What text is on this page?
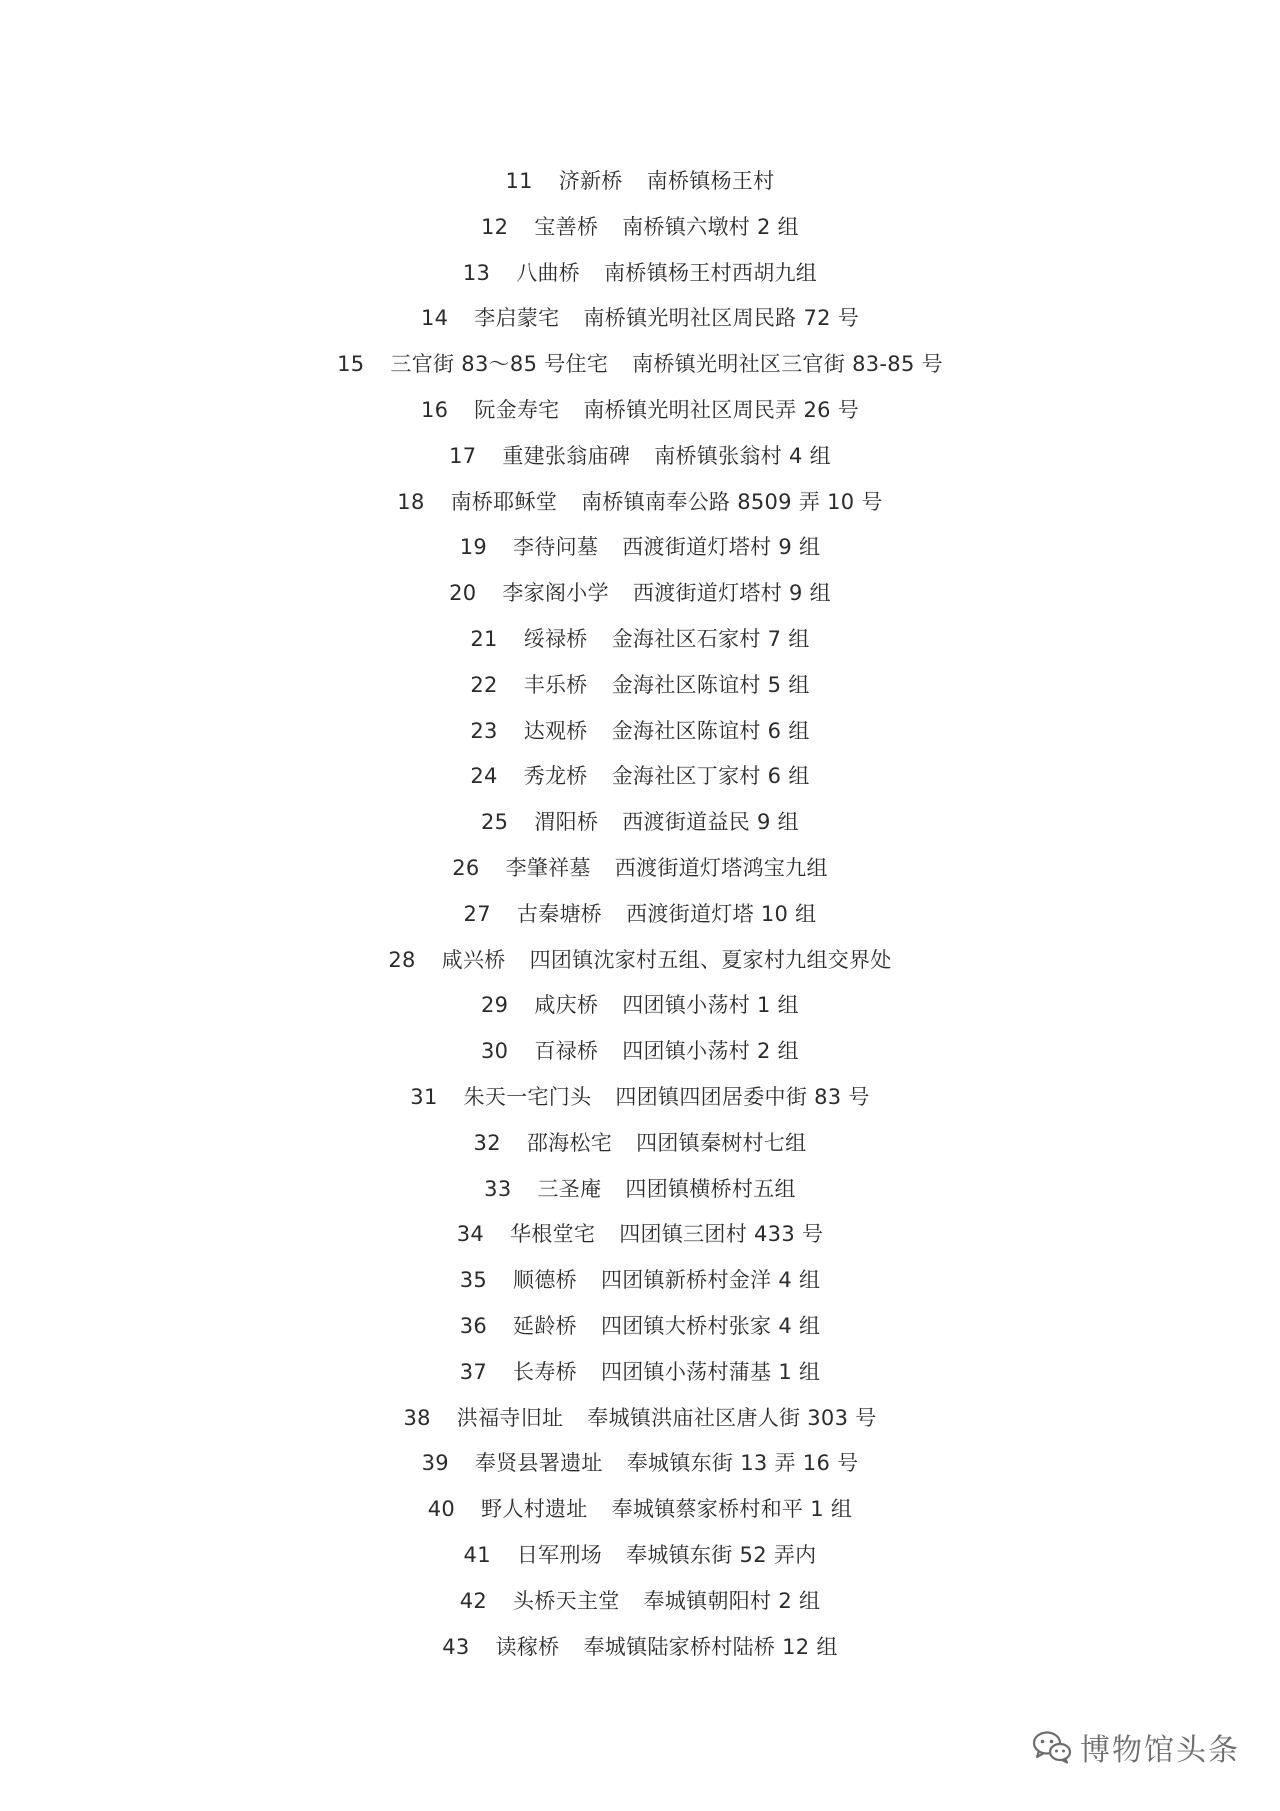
11 济新桥 南桥镇杨王村
12 宝善桥 南桥镇六墩村 2 组
13 八曲桥 南桥镇杨王村西胡九组
14 李启蒙宅 南桥镇光明社区周民路 72 号
15 三官街 83～85 号住宅 南桥镇光明社区三官街 83-85 号
16 阮金寿宅 南桥镇光明社区周民弄 26 号
17 重建张翁庙碑 南桥镇张翁村 4 组
18 南桥耶稣堂 南桥镇南奉公路 8509 弄 10 号
19 李待问墓 西渡街道灯塔村 9 组
20 李家阁小学 西渡街道灯塔村 9 组
21 绥禄桥 金海社区石家村 7 组
22 丰乐桥 金海社区陈谊村 5 组
23 达观桥 金海社区陈谊村 6 组
24 秀龙桥 金海社区丁家村 6 组
25 渭阳桥 西渡街道益民 9 组
26 李肇祥墓 西渡街道灯塔鸿宝九组
27 古秦塘桥 西渡街道灯塔 10 组
28 咸兴桥 四团镇沈家村五组、夏家村九组交界处
29 咸庆桥 四团镇小荡村 1 组
30 百禄桥 四团镇小荡村 2 组
31 朱天一宅门头 四团镇四团居委中街 83 号
32 邵海松宅 四团镇秦树村七组
33 三圣庵 四团镇横桥村五组
34 华根堂宅 四团镇三团村 433 号
35 顺德桥 四团镇新桥村金洋 4 组
36 延龄桥 四团镇大桥村张家 4 组
37 长寿桥 四团镇小荡村蒲基 1 组
38 洪福寺旧址 奉城镇洪庙社区唐人街 303 号
39 奉贤县署遗址 奉城镇东街 13 弄 16 号
40 野人村遗址 奉城镇蔡家桥村和平 1 组
41 日军刑场 奉城镇东街 52 弄内
42 头桥天主堂 奉城镇朝阳村 2 组
43 读稼桥 奉城镇陆家桥村陆桥 12 组
博物馆头条
